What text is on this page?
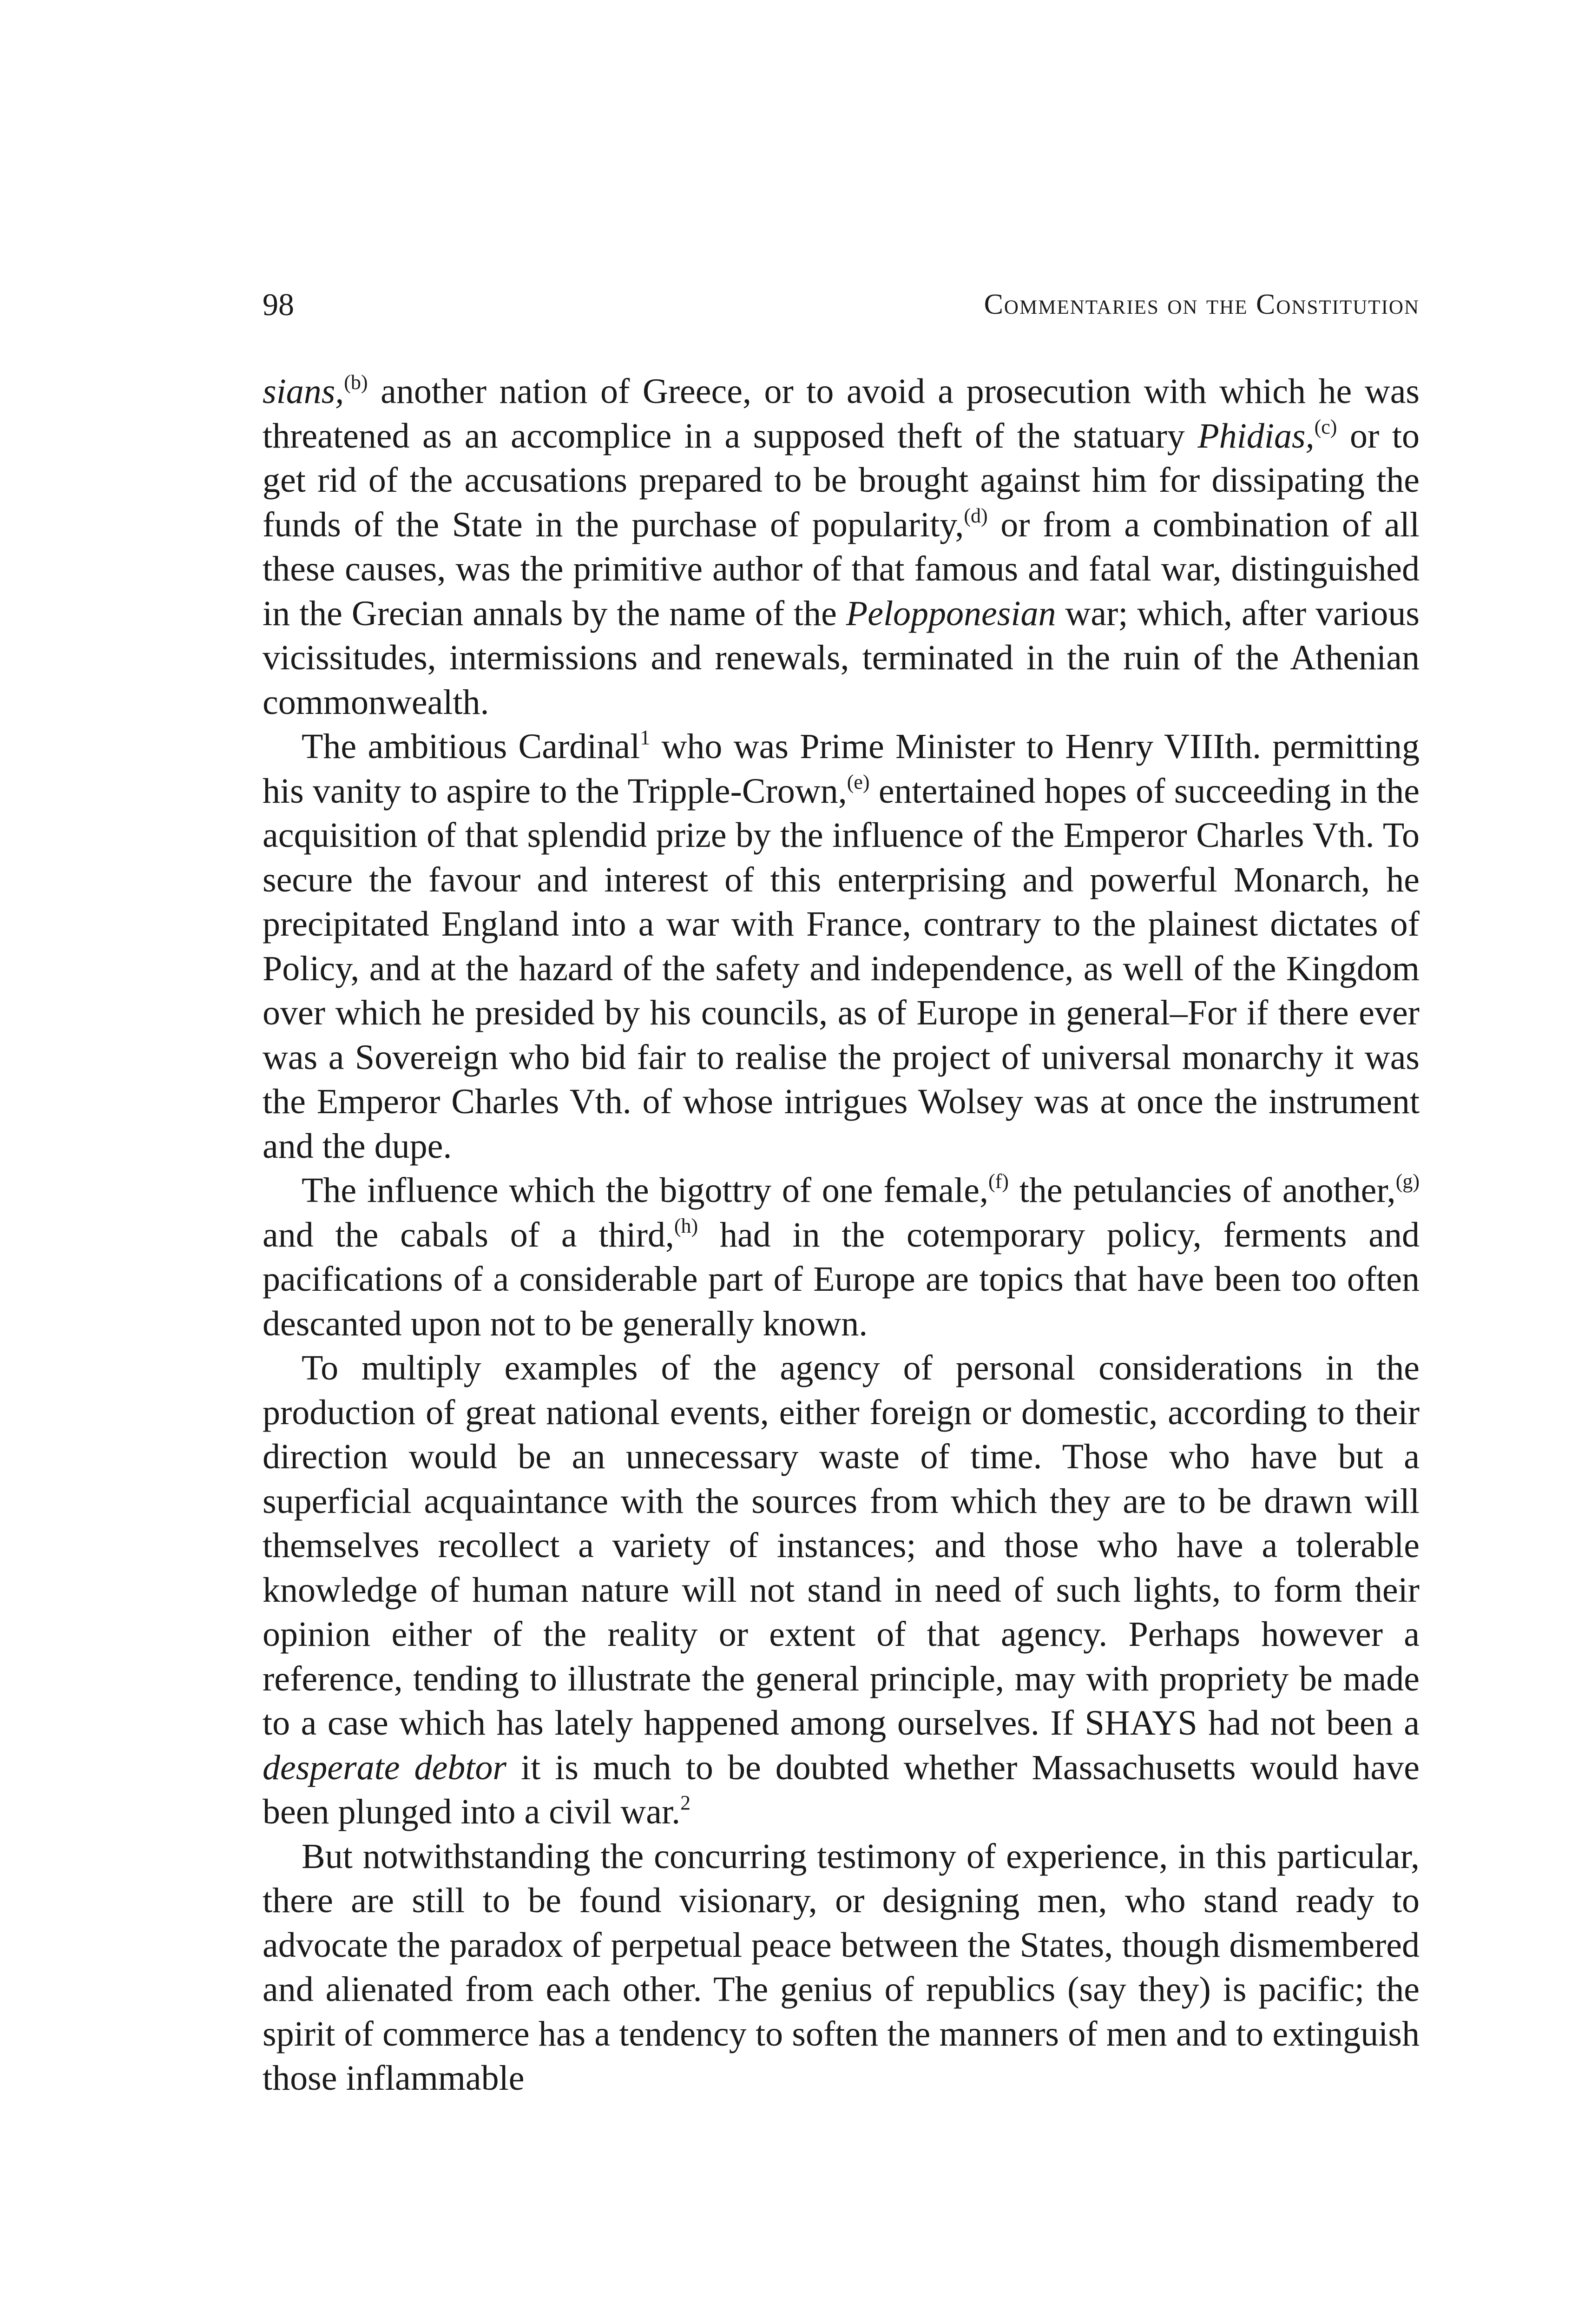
98	Commentaries on the Constitution

sians,$^{(b)}$ another nation of Greece, or to avoid a prosecution with which he was threatened as an accomplice in a supposed theft of the statuary Phidias,$^{(c)}$ or to get rid of the accusations prepared to be brought against him for dissipating the funds of the State in the purchase of popularity,$^{(d)}$ or from a combination of all these causes, was the primitive author of that famous and fatal war, distinguished in the Grecian annals by the name of the Pelopponesian war; which, after various vicissitudes, intermissions and renewals, terminated in the ruin of the Athenian commonwealth.

The ambitious Cardinal$^1$ who was Prime Minister to Henry VIIIth. permitting his vanity to aspire to the Tripple-Crown,$^{(e)}$ entertained hopes of succeeding in the acquisition of that splendid prize by the influence of the Emperor Charles Vth. To secure the favour and interest of this enterprising and powerful Monarch, he precipitated England into a war with France, contrary to the plainest dictates of Policy, and at the hazard of the safety and independence, as well of the Kingdom over which he presided by his councils, as of Europe in general–For if there ever was a Sovereign who bid fair to realise the project of universal monarchy it was the Emperor Charles Vth. of whose intrigues Wolsey was at once the instrument and the dupe.

The influence which the bigottry of one female,$^{(f)}$ the petulancies of another,$^{(g)}$ and the cabals of a third,$^{(h)}$ had in the cotemporary policy, ferments and pacifications of a considerable part of Europe are topics that have been too often descanted upon not to be generally known.

To multiply examples of the agency of personal considerations in the production of great national events, either foreign or domestic, according to their direction would be an unnecessary waste of time. Those who have but a superficial acquaintance with the sources from which they are to be drawn will themselves recollect a variety of instances; and those who have a tolerable knowledge of human nature will not stand in need of such lights, to form their opinion either of the reality or extent of that agency. Perhaps however a reference, tending to illustrate the general principle, may with propriety be made to a case which has lately happened among ourselves. If SHAYS had not been a desperate debtor it is much to be doubted whether Massachusetts would have been plunged into a civil war.$^2$

But notwithstanding the concurring testimony of experience, in this particular, there are still to be found visionary, or designing men, who stand ready to advocate the paradox of perpetual peace between the States, though dismembered and alienated from each other. The genius of republics (say they) is pacific; the spirit of commerce has a tendency to soften the manners of men and to extinguish those inflammable
